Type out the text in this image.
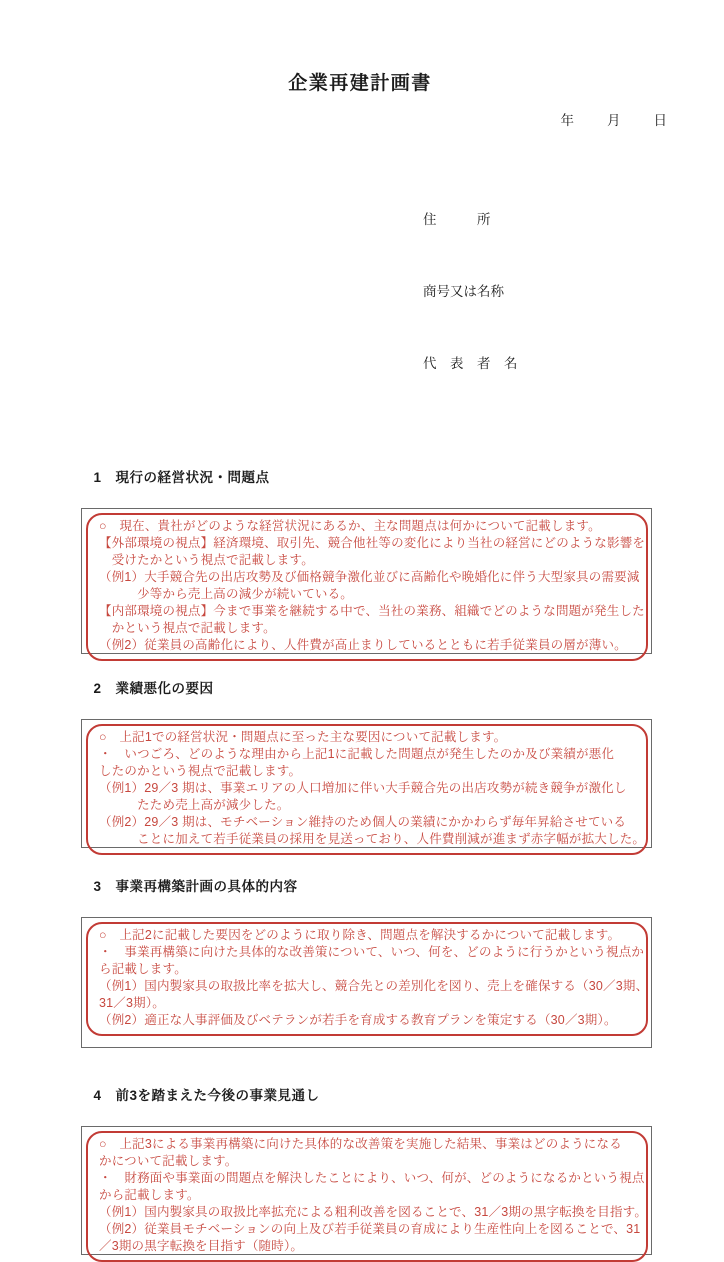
企業再建計画書
年 月 日

住　　　所

商号又は名称

代　表　者　名

1 現行の経営状況・問題点

○　現在、貴社がどのような経営状況にあるか、主な問題点は何かについて記載します。
【外部環境の視点】経済環境、取引先、競合他社等の変化により当社の経営にどのような影響を
　受けたかという視点で記載します。
（例1）大手競合先の出店攻勢及び価格競争激化並びに高齢化や晩婚化に伴う大型家具の需要減
　　　少等から売上高の減少が続いている。
【内部環境の視点】今まで事業を継続する中で、当社の業務、組織でどのような問題が発生した
　かという視点で記載します。
（例2）従業員の高齢化により、人件費が高止まりしているとともに若手従業員の層が薄い。

2 業績悪化の要因

○　上記1での経営状況・問題点に至った主な要因について記載します。
・　いつごろ、どのような理由から上記1に記載した問題点が発生したのか及び業績が悪化
したのかという視点で記載します。
（例1）29／3 期は、事業エリアの人口増加に伴い大手競合先の出店攻勢が続き競争が激化し
　　　たため売上高が減少した。
（例2）29／3 期は、モチベーション維持のため個人の業績にかかわらず毎年昇給させている
　　　ことに加えて若手従業員の採用を見送っており、人件費削減が進まず赤字幅が拡大した。

3 事業再構築計画の具体的内容

○　上記2に記載した要因をどのように取り除き、問題点を解決するかについて記載します。
・　事業再構築に向けた具体的な改善策について、いつ、何を、どのように行うかという視点か
ら記載します。
（例1）国内製家具の取扱比率を拡大し、競合先との差別化を図り、売上を確保する（30／3期、
31／3期）。
（例2）適正な人事評価及びベテランが若手を育成する教育プランを策定する（30／3期）。

4 前3を踏まえた今後の事業見通し

○　上記3による事業再構築に向けた具体的な改善策を実施した結果、事業はどのようになる
かについて記載します。
・　財務面や事業面の問題点を解決したことにより、いつ、何が、どのようになるかという視点
から記載します。
（例1）国内製家具の取扱比率拡充による粗利改善を図ることで、31／3期の黒字転換を目指す。
（例2）従業員モチベーションの向上及び若手従業員の育成により生産性向上を図ることで、31
／3期の黒字転換を目指す（随時）。
